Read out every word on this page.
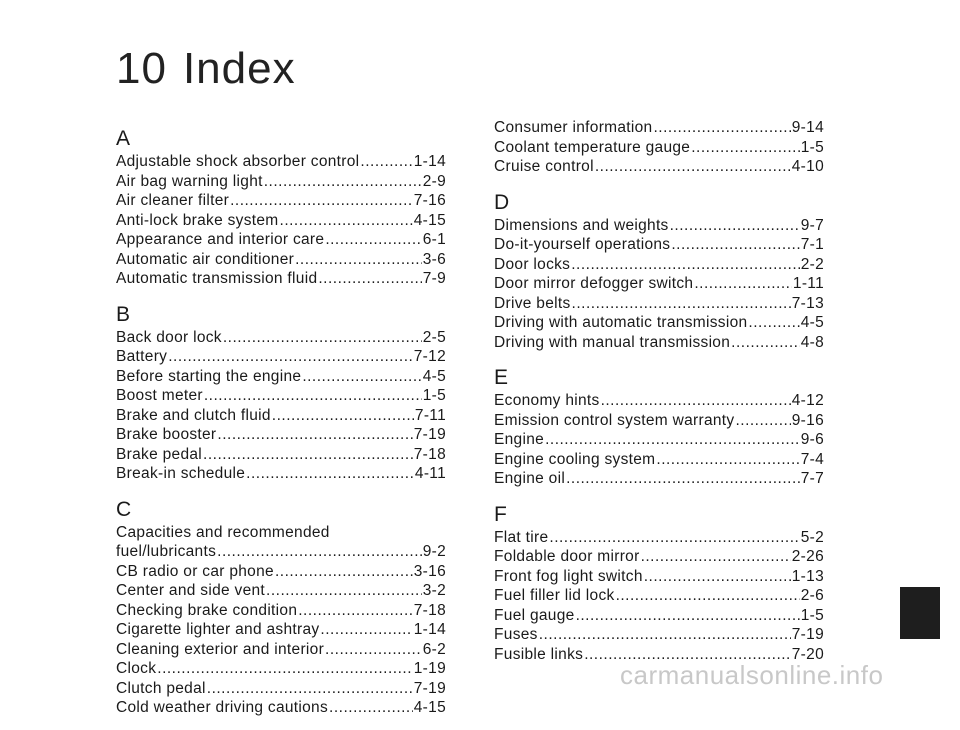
10 Index
A
Adjustable shock absorber control .....	1-14
Air bag warning light .....	2-9
Air cleaner filter .....	7-16
Anti-lock brake system .....	4-15
Appearance and interior care .....	6-1
Automatic air conditioner .....	3-6
Automatic transmission fluid .....	7-9
B
Back door lock .....	2-5
Battery .....	7-12
Before starting the engine .....	4-5
Boost meter .....	1-5
Brake and clutch fluid .....	7-11
Brake booster .....	7-19
Brake pedal .....	7-18
Break-in schedule .....	4-11
C
Capacities and recommended
fuel/lubricants .....	9-2
CB radio or car phone .....	3-16
Center and side vent .....	3-2
Checking brake condition .....	7-18
Cigarette lighter and ashtray .....	1-14
Cleaning exterior and interior .....	6-2
Clock .....	1-19
Clutch pedal .....	7-19
Cold weather driving cautions .....	4-15
Consumer information .....	9-14
Coolant temperature gauge .....	1-5
Cruise control .....	4-10
D
Dimensions and weights .....	9-7
Do-it-yourself operations .....	7-1
Door locks .....	2-2
Door mirror defogger switch .....	1-11
Drive belts .....	7-13
Driving with automatic transmission .....	4-5
Driving with manual transmission .....	4-8
E
Economy hints .....	4-12
Emission control system warranty .....	9-16
Engine .....	9-6
Engine cooling system .....	7-4
Engine oil .....	7-7
F
Flat tire .....	5-2
Foldable door mirror .....	2-26
Front fog light switch .....	1-13
Fuel filler lid lock .....	2-6
Fuel gauge .....	1-5
Fuses .....	7-19
Fusible links .....	7-20
carmanualsonline.info
